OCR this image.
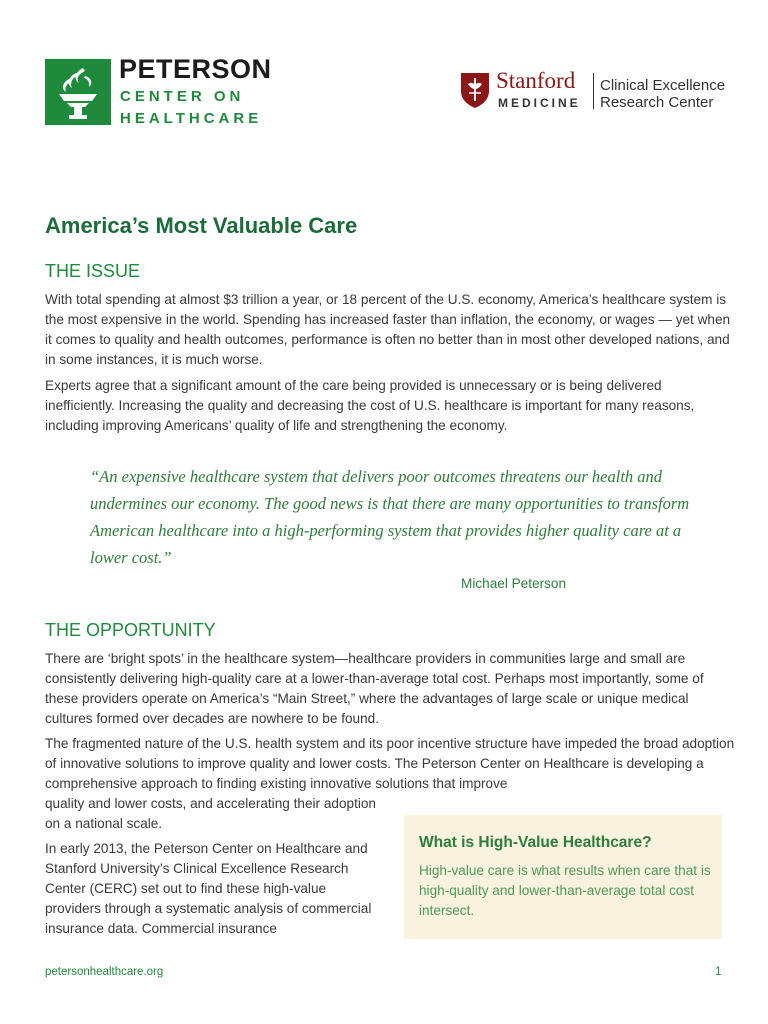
PETERSON
CENTER ON
HEALTHCARE
Stanford
MEDICINE
Clinical Excellence
Research Center
America’s Most Valuable Care
THE ISSUE

With total spending at almost $3 trillion a year, or 18 percent of the U.S. economy, America’s healthcare system is the most expensive in the world. Spending has increased faster than inflation, the economy, or wages — yet when it comes to quality and health outcomes, performance is often no better than in most other developed nations, and in some instances, it is much worse.

Experts agree that a significant amount of the care being provided is unnecessary or is being delivered inefficiently. Increasing the quality and decreasing the cost of U.S. healthcare is important for many reasons, including improving Americans’ quality of life and strengthening the economy.

“An expensive healthcare system that delivers poor outcomes threatens our health and undermines our economy. The good news is that there are many opportunities to transform American healthcare into a high-performing system that provides higher quality care at a lower cost.”
Michael Peterson
THE OPPORTUNITY

There are ‘bright spots’ in the healthcare system—healthcare providers in communities large and small are consistently delivering high-quality care at a lower-than-average total cost. Perhaps most importantly, some of these providers operate on America’s “Main Street,” where the advantages of large scale or unique medical cultures formed over decades are nowhere to be found.

The fragmented nature of the U.S. health system and its poor incentive structure have impeded the broad adoption of innovative solutions to improve quality and lower costs. The Peterson Center on Healthcare is developing a comprehensive approach to finding existing innovative solutions that improve

quality and lower costs, and accelerating their adoption on a national scale.

In early 2013, the Peterson Center on Healthcare and Stanford University’s Clinical Excellence Research Center (CERC) set out to find these high-value providers through a systematic analysis of commercial insurance data. Commercial insurance

What is High-Value Healthcare?
High-value care is what results when care that is high-quality and lower-than-average total cost intersect.
petersonhealthcare.org	1
